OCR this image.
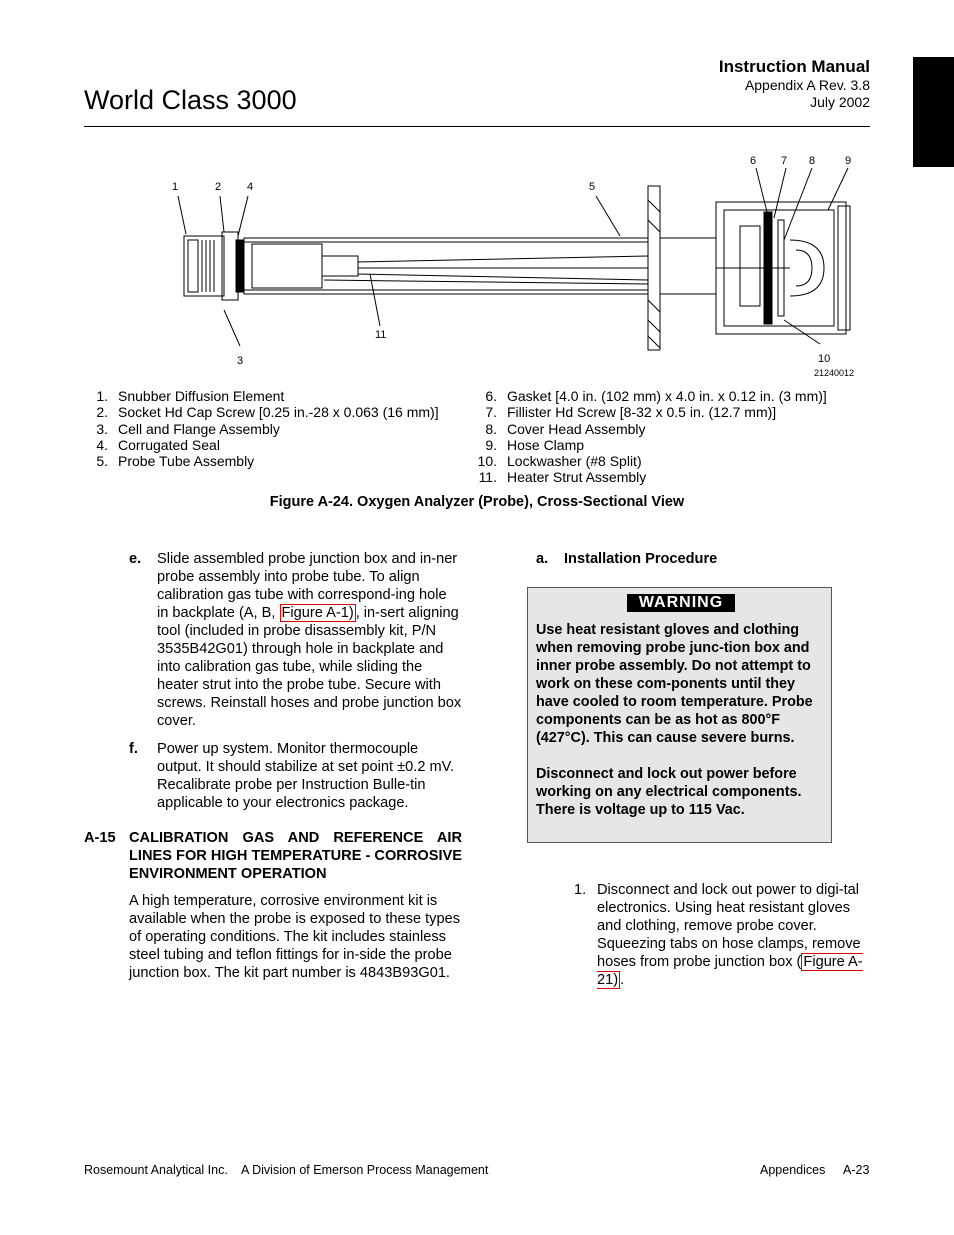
World Class 3000
Instruction Manual
Appendix A Rev. 3.8
July 2002
1	2 4	5
6 7 8	9
3
11
10
21240012
1. Snubber Diffusion Element
2. Socket Hd Cap Screw [0.25 in.-28 x 0.063 (16 mm)]
3. Cell and Flange Assembly
4. Corrugated Seal
5. Probe Tube Assembly
6. Gasket [4.0 in. (102 mm) x 4.0 in. x 0.12 in. (3 mm)]
7. Fillister Hd Screw [8-32 x 0.5 in. (12.7 mm)]
8. Cover Head Assembly
9. Hose Clamp
10. Lockwasher (#8 Split)
11. Heater Strut Assembly
Figure A-24. Oxygen Analyzer (Probe), Cross-Sectional View
e.	Slide assembled probe junction box and in-ner probe assembly into probe tube. To align calibration gas tube with correspond-ing hole in backplate (A, B, Figure A-1) , in-sert aligning tool (included in probe disassembly kit, P/N 3535B42G01) through hole in backplate and into calibration gas tube, while sliding the heater strut into the probe tube. Secure with screws. Reinstall hoses and probe junction box cover.
f.	Power up system. Monitor thermocouple output. It should stabilize at set point ±0.2 mV. Recalibrate probe per Instruction Bulle-tin applicable to your electronics package.
A-15 CALIBRATION GAS AND REFERENCE AIR LINES FOR HIGH TEMPERATURE - CORROSIVE ENVIRONMENT OPERATION
A high temperature, corrosive environment kit is available when the probe is exposed to these types of operating conditions. The kit includes stainless steel tubing and teflon fittings for in-side the probe junction box. The kit part number is 4843B93G01.
a.	Installation Procedure
WARNING
Use heat resistant gloves and clothing when removing probe junc-tion box and inner probe assembly. Do not attempt to work on these com-ponents until they have cooled to room temperature. Probe components can be as hot as 800°F (427°C). This can cause severe burns.
Disconnect and lock out power before working on any electrical components. There is voltage up to 115 Vac.
1. Disconnect and lock out power to digi-tal electronics. Using heat resistant gloves and clothing, remove probe cover. Squeezing tabs on hose clamps, remove hoses from probe junction box ( Figure A-21) .
Rosemount Analytical Inc. A Division of Emerson Process Management	Appendices A-23
